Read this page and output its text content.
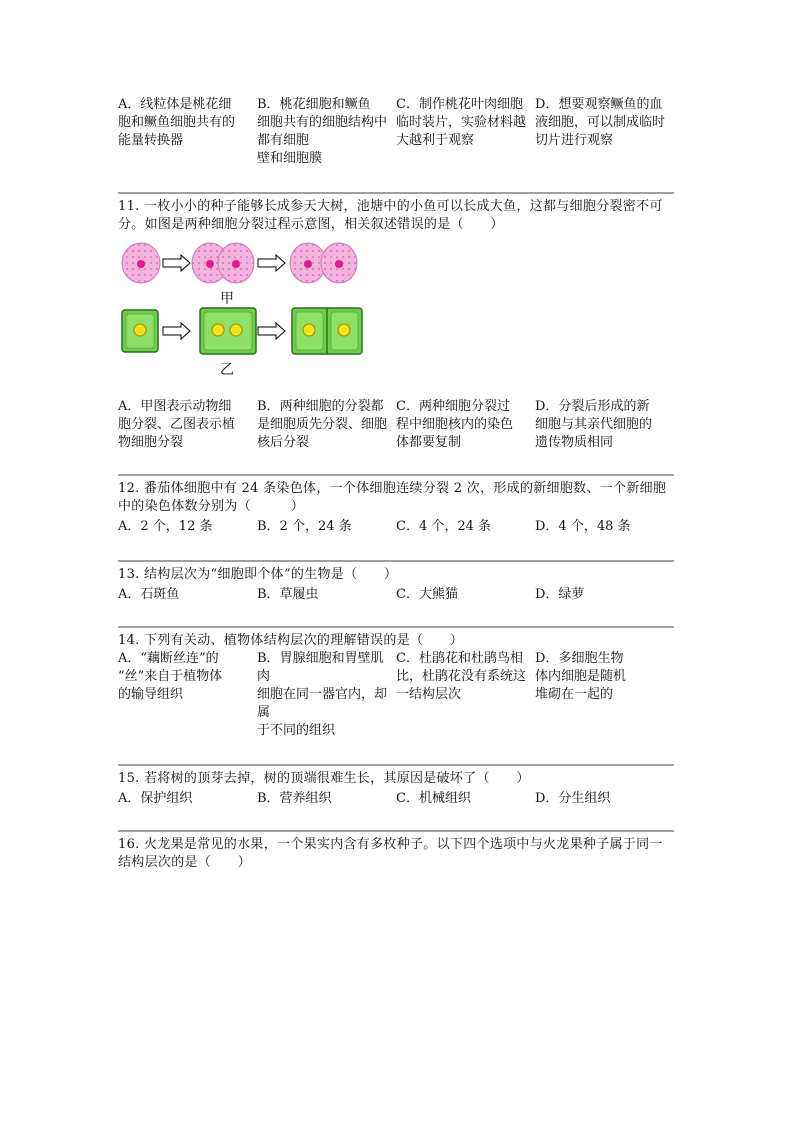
A．线粒体是桃花细
胞和鳜鱼细胞共有的
能量转换器
B．桃花细胞和鳜鱼
细胞共有的细胞结构中都有细胞
壁和细胞膜
C．制作桃花叶肉细胞
临时装片，实验材料越
大越利于观察
D．想要观察鳜鱼的血
液细胞，可以制成临时
切片进行观察

11. 一枚小小的种子能够长成参天大树，池塘中的小鱼可以长成大鱼，这都与细胞分裂密不可分。如图是两种细胞分裂过程示意图，相关叙述错误的是（　　）

甲
乙
A．甲图表示动物细
胞分裂、乙图表示植
物细胞分裂
B．两种细胞的分裂都
是细胞质先分裂、细胞
核后分裂
C．两种细胞分裂过
程中细胞核内的染色
体都要复制
D．分裂后形成的新
细胞与其亲代细胞的
遗传物质相同

12. 番茄体细胞中有 24 条染色体，一个体细胞连续分裂 2 次，形成的新细胞数、一个新细胞中的染色体数分别为（　　　）

A．2 个，12 条	B．2 个，24 条	C．4 个，24 条	D．4 个，48 条

13. 结构层次为“细胞即个体”的生物是（　　）

A．石斑鱼	B．草履虫	C．大熊猫	D．绿萝

14. 下列有关动、植物体结构层次的理解错误的是（　　）

A．“藕断丝连”的
“丝”来自于植物体
的输导组织
B．胃腺细胞和胃壁肌肉
细胞在同一器官内，却属
于不同的组织
C．杜鹃花和杜鹃鸟相
比，杜鹃花没有系统这
一结构层次
D．多细胞生物
体内细胞是随机
堆砌在一起的

15. 若将树的顶芽去掉，树的顶端很难生长，其原因是破坏了（　　）

A．保护组织	B．营养组织	C．机械组织	D．分生组织

16. 火龙果是常见的水果，一个果实内含有多枚种子。以下四个选项中与火龙果种子属于同一结构层次的是（　　）
